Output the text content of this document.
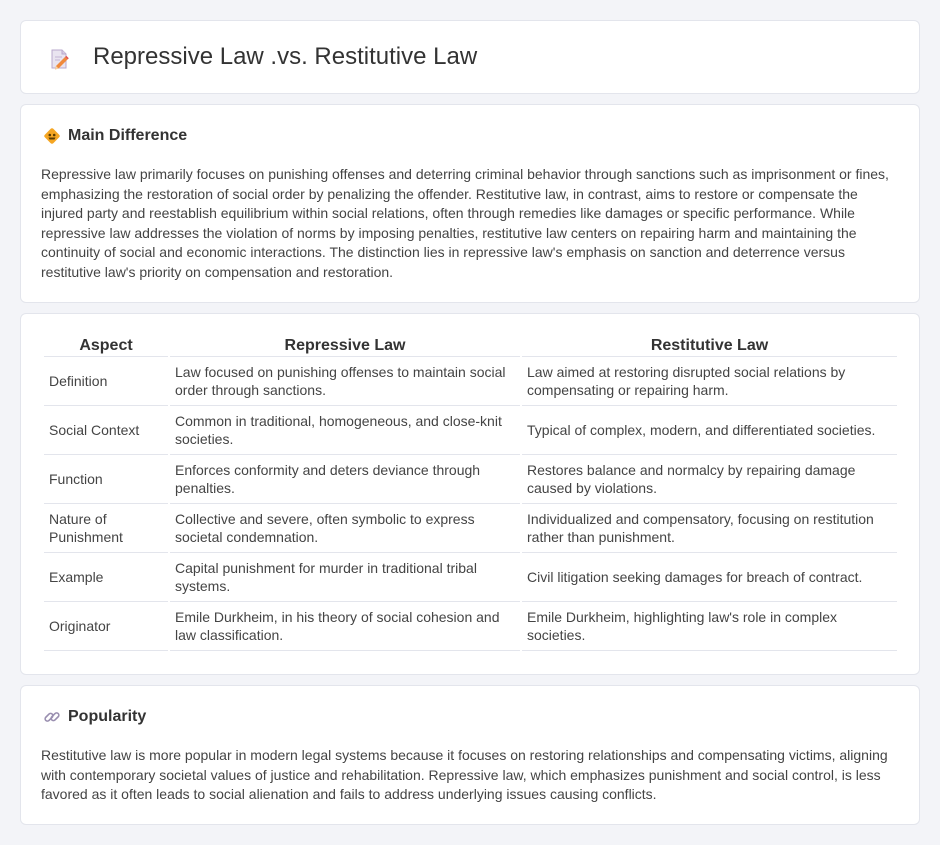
Repressive Law .vs. Restitutive Law
Main Difference

Repressive law primarily focuses on punishing offenses and deterring criminal behavior through sanctions such as imprisonment or fines, emphasizing the restoration of social order by penalizing the offender. Restitutive law, in contrast, aims to restore or compensate the injured party and reestablish equilibrium within social relations, often through remedies like damages or specific performance. While repressive law addresses the violation of norms by imposing penalties, restitutive law centers on repairing harm and maintaining the continuity of social and economic interactions. The distinction lies in repressive law's emphasis on sanction and deterrence versus restitutive law's priority on compensation and restoration.

Aspect	Repressive Law	Restitutive Law
Definition	Law focused on punishing offenses to maintain social order through sanctions.	Law aimed at restoring disrupted social relations by compensating or repairing harm.
Social Context	Common in traditional, homogeneous, and close-knit societies.	Typical of complex, modern, and differentiated societies.
Function	Enforces conformity and deters deviance through penalties.	Restores balance and normalcy by repairing damage caused by violations.
Nature of Punishment	Collective and severe, often symbolic to express societal condemnation.	Individualized and compensatory, focusing on restitution rather than punishment.
Example	Capital punishment for murder in traditional tribal systems.	Civil litigation seeking damages for breach of contract.
Originator	Emile Durkheim, in his theory of social cohesion and law classification.	Emile Durkheim, highlighting law's role in complex societies.
Popularity

Restitutive law is more popular in modern legal systems because it focuses on restoring relationships and compensating victims, aligning with contemporary societal values of justice and rehabilitation. Repressive law, which emphasizes punishment and social control, is less favored as it often leads to social alienation and fails to address underlying issues causing conflicts.
